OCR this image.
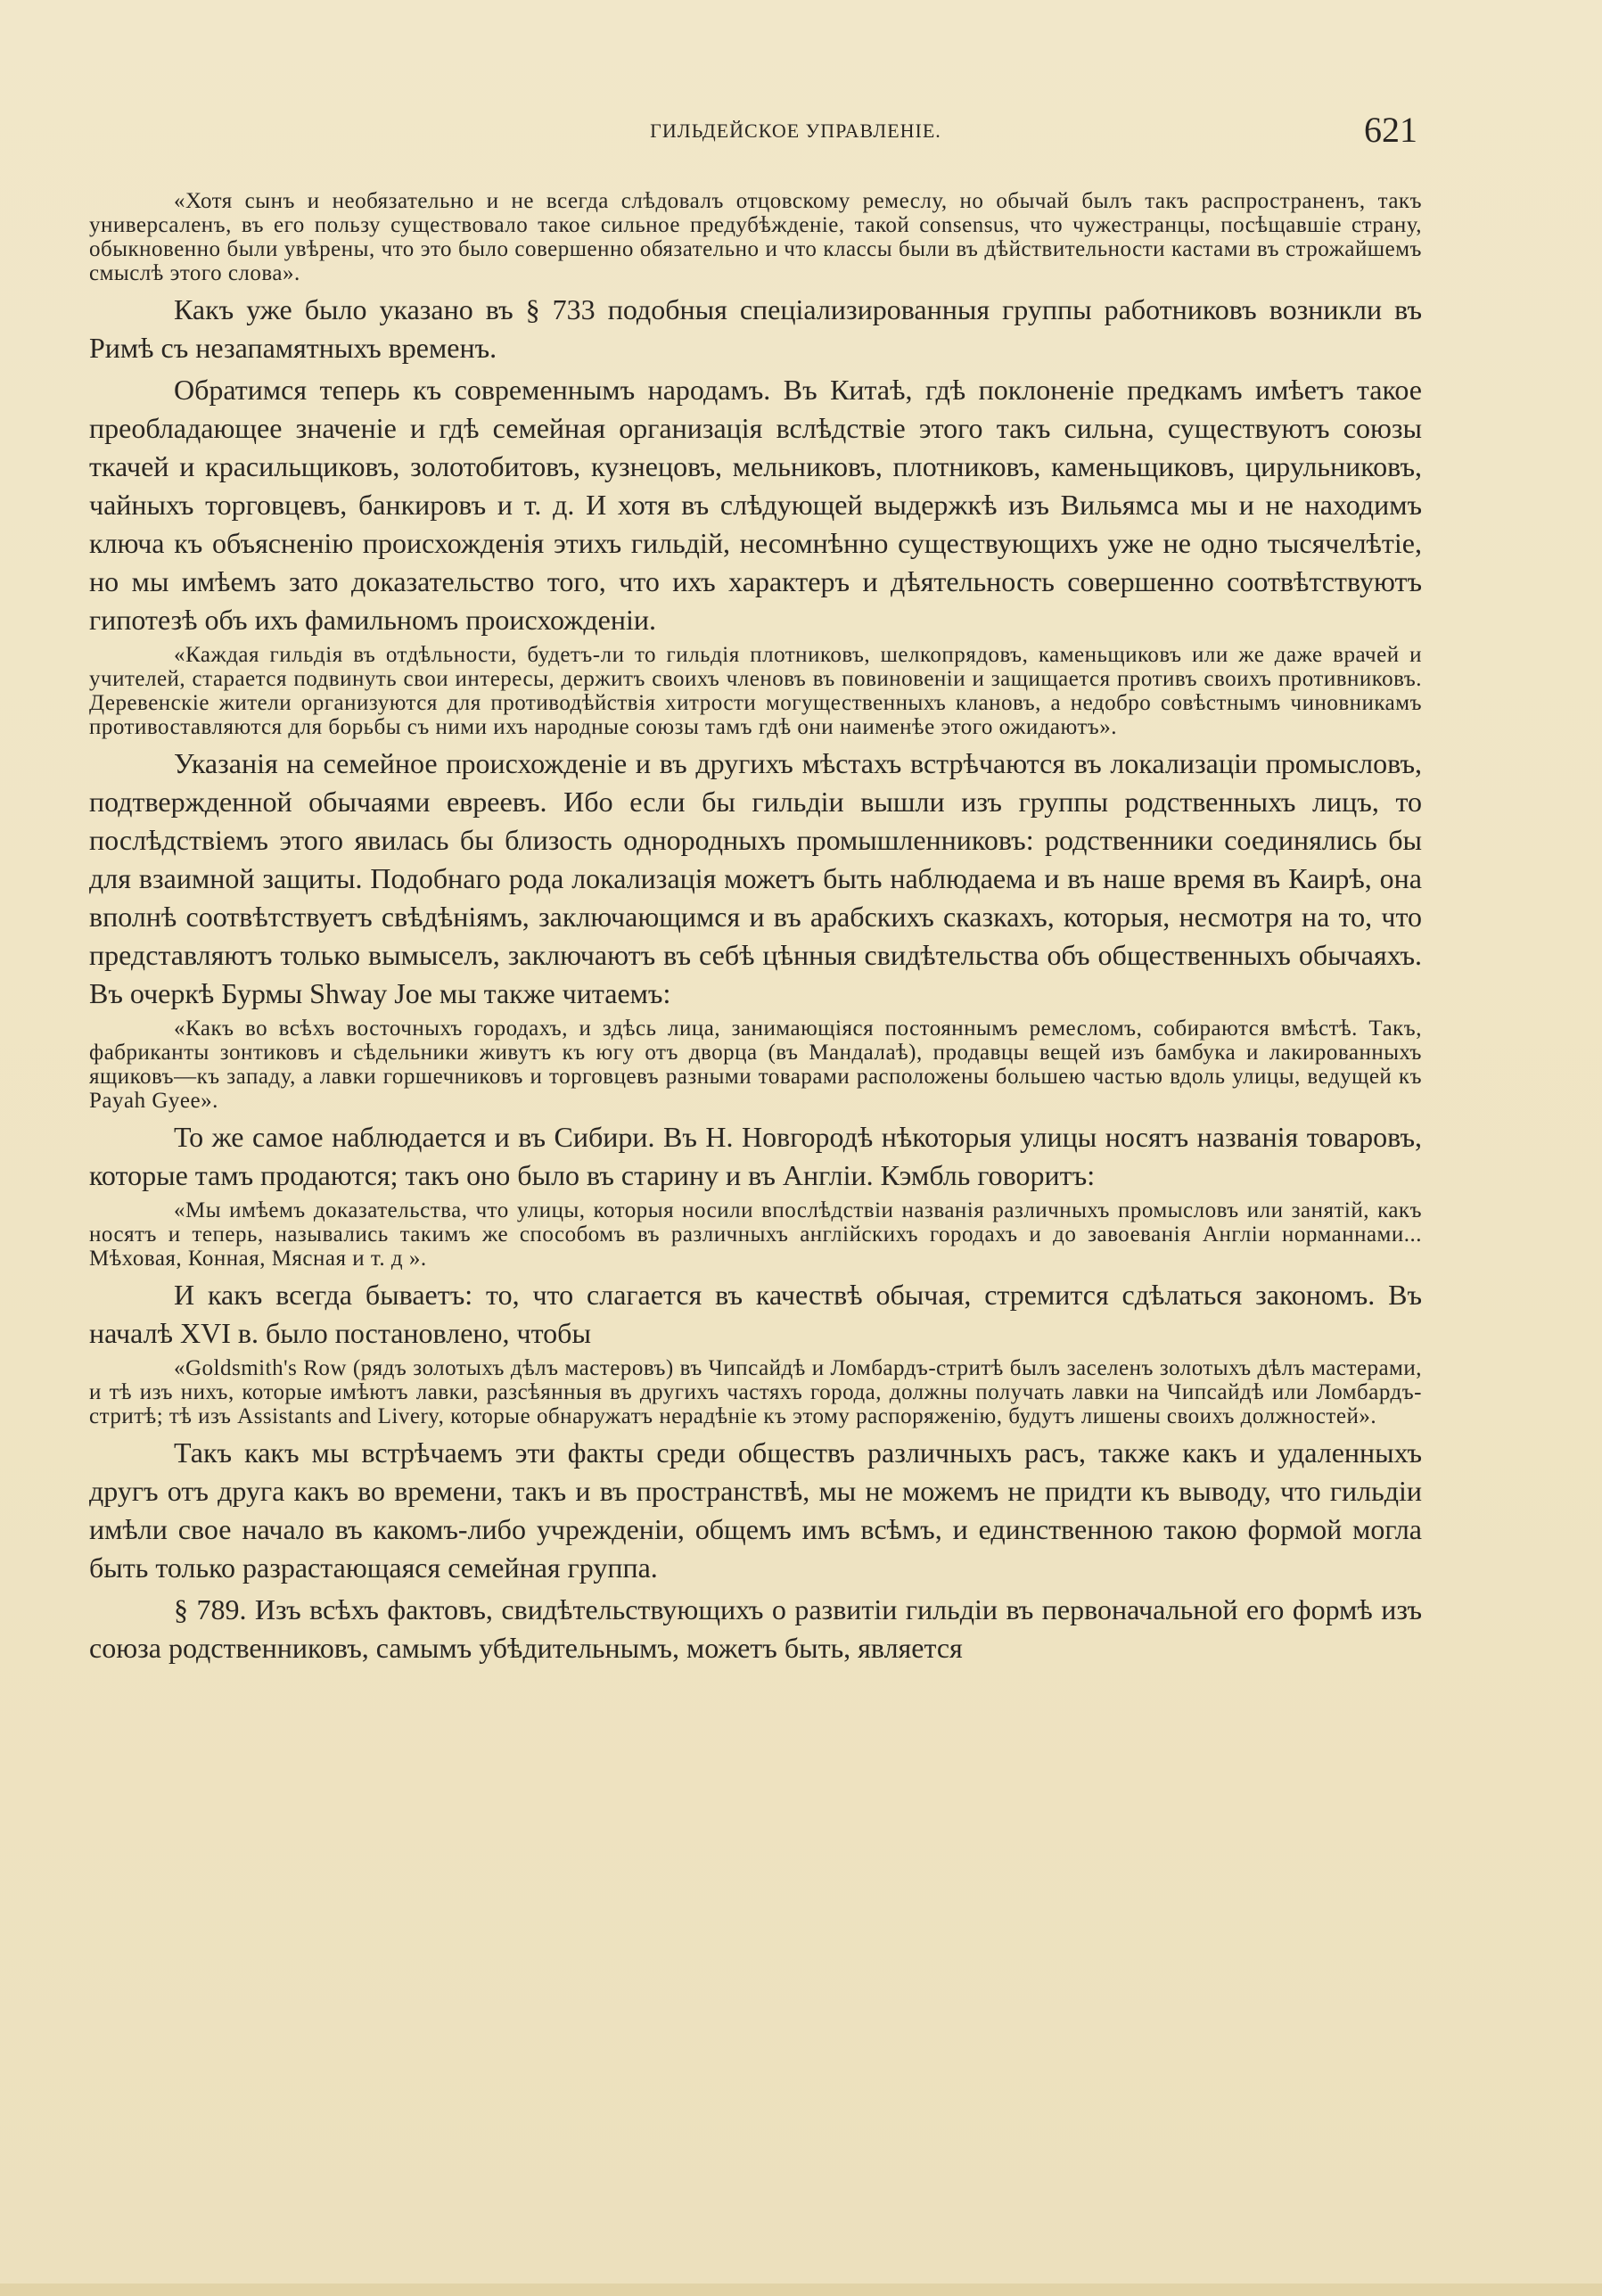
ГИЛЬДЕЙСКОЕ УПРАВЛЕНІЕ.	621

«Хотя сынъ и необязательно и не всегда слѣдовалъ отцовскому ремеслу, но обычай былъ такъ распространенъ, такъ универсаленъ, въ его пользу существовало такое сильное предубѣжденіе, такой consensus, что чужестранцы, посѣщавшіе страну, обыкновенно были увѣрены, что это было совершенно обязательно и что классы были въ дѣйствительности кастами въ строжайшемъ смыслѣ этого слова».

Какъ уже было указано въ § 733 подобныя спеціализированныя группы работниковъ возникли въ Римѣ съ незапамятныхъ временъ.

Обратимся теперь къ современнымъ народамъ. Въ Китаѣ, гдѣ поклоненіе предкамъ имѣетъ такое преобладающее значеніе и гдѣ семейная организація вслѣдствіе этого такъ сильна, существуютъ союзы ткачей и красильщиковъ, золотобитовъ, кузнецовъ, мельниковъ, плотниковъ, каменьщиковъ, цирульниковъ, чайныхъ торговцевъ, банкировъ и т. д. И хотя въ слѣдующей выдержкѣ изъ Вильямса мы и не находимъ ключа къ объясненію происхожденія этихъ гильдій, несомнѣнно существующихъ уже не одно тысячелѣтіе, но мы имѣемъ зато доказательство того, что ихъ характеръ и дѣятельность совершенно соотвѣтствуютъ гипотезѣ объ ихъ фамильномъ происхожденіи.

«Каждая гильдія въ отдѣльности, будетъ-ли то гильдія плотниковъ, шелкопрядовъ, каменьщиковъ или же даже врачей и учителей, старается подвинуть свои интересы, держитъ своихъ членовъ въ повиновеніи и защищается противъ своихъ противниковъ. Деревенскіе жители организуются для противодѣйствія хитрости могущественныхъ клановъ, а недобро совѣстнымъ чиновникамъ противоставляются для борьбы съ ними ихъ народные союзы тамъ гдѣ они наименѣе этого ожидаютъ».

Указанія на семейное происхожденіе и въ другихъ мѣстахъ встрѣчаются въ локализаціи промысловъ, подтвержденной обычаями евреевъ. Ибо если бы гильдіи вышли изъ группы родственныхъ лицъ, то послѣдствіемъ этого явилась бы близость однородныхъ промышленниковъ: родственники соединялись бы для взаимной защиты. Подобнаго рода локализація можетъ быть наблюдаема и въ наше время въ Каирѣ, она вполнѣ соотвѣтствуетъ свѣдѣніямъ, заключающимся и въ арабскихъ сказкахъ, которыя, несмотря на то, что представляютъ только вымыселъ, заключаютъ въ себѣ цѣнныя свидѣтельства объ общественныхъ обычаяхъ. Въ очеркѣ Бурмы Shway Joe мы также читаемъ:

«Какъ во всѣхъ восточныхъ городахъ, и здѣсь лица, занимающіяся постояннымъ ремесломъ, собираются вмѣстѣ. Такъ, фабриканты зонтиковъ и сѣдельники живутъ къ югу отъ дворца (въ Мандалаѣ), продавцы вещей изъ бамбука и лакированныхъ ящиковъ—къ западу, а лавки горшечниковъ и торговцевъ разными товарами расположены большею частью вдоль улицы, ведущей къ Payah Gyee».

То же самое наблюдается и въ Сибири. Въ Н. Новгородѣ нѣкоторыя улицы носятъ названія товаровъ, которые тамъ продаются; такъ оно было въ старину и въ Англіи. Кэмбль говоритъ:

«Мы имѣемъ доказательства, что улицы, которыя носили впослѣдствіи названія различныхъ промысловъ или занятій, какъ носятъ и теперь, назывались такимъ же способомъ въ различныхъ англійскихъ городахъ и до завоеванія Англіи норманнами... Мѣховая, Конная, Мясная и т. д ».

И какъ всегда бываетъ: то, что слагается въ качествѣ обычая, стремится сдѣлаться закономъ. Въ началѣ XVI в. было постановлено, чтобы

«Goldsmith's Row (рядъ золотыхъ дѣлъ мастеровъ) въ Чипсайдѣ и Ломбардъ-стритѣ былъ заселенъ золотыхъ дѣлъ мастерами, и тѣ изъ нихъ, которые имѣютъ лавки, разсѣянныя въ другихъ частяхъ города, должны получать лавки на Чипсайдѣ или Ломбардъ-стритѣ; тѣ изъ Assistants and Livery, которые обнаружатъ нерадѣніе къ этому распоряженію, будутъ лишены своихъ должностей».

Такъ какъ мы встрѣчаемъ эти факты среди обществъ различныхъ расъ, также какъ и удаленныхъ другъ отъ друга какъ во времени, такъ и въ пространствѣ, мы не можемъ не придти къ выводу, что гильдіи имѣли свое начало въ какомъ-либо учрежденіи, общемъ имъ всѣмъ, и единственною такою формой могла быть только разрастающаяся семейная группа.

§ 789. Изъ всѣхъ фактовъ, свидѣтельствующихъ о развитіи гильдіи въ первоначальной его формѣ изъ союза родственниковъ, самымъ убѣдительнымъ, можетъ быть, является
